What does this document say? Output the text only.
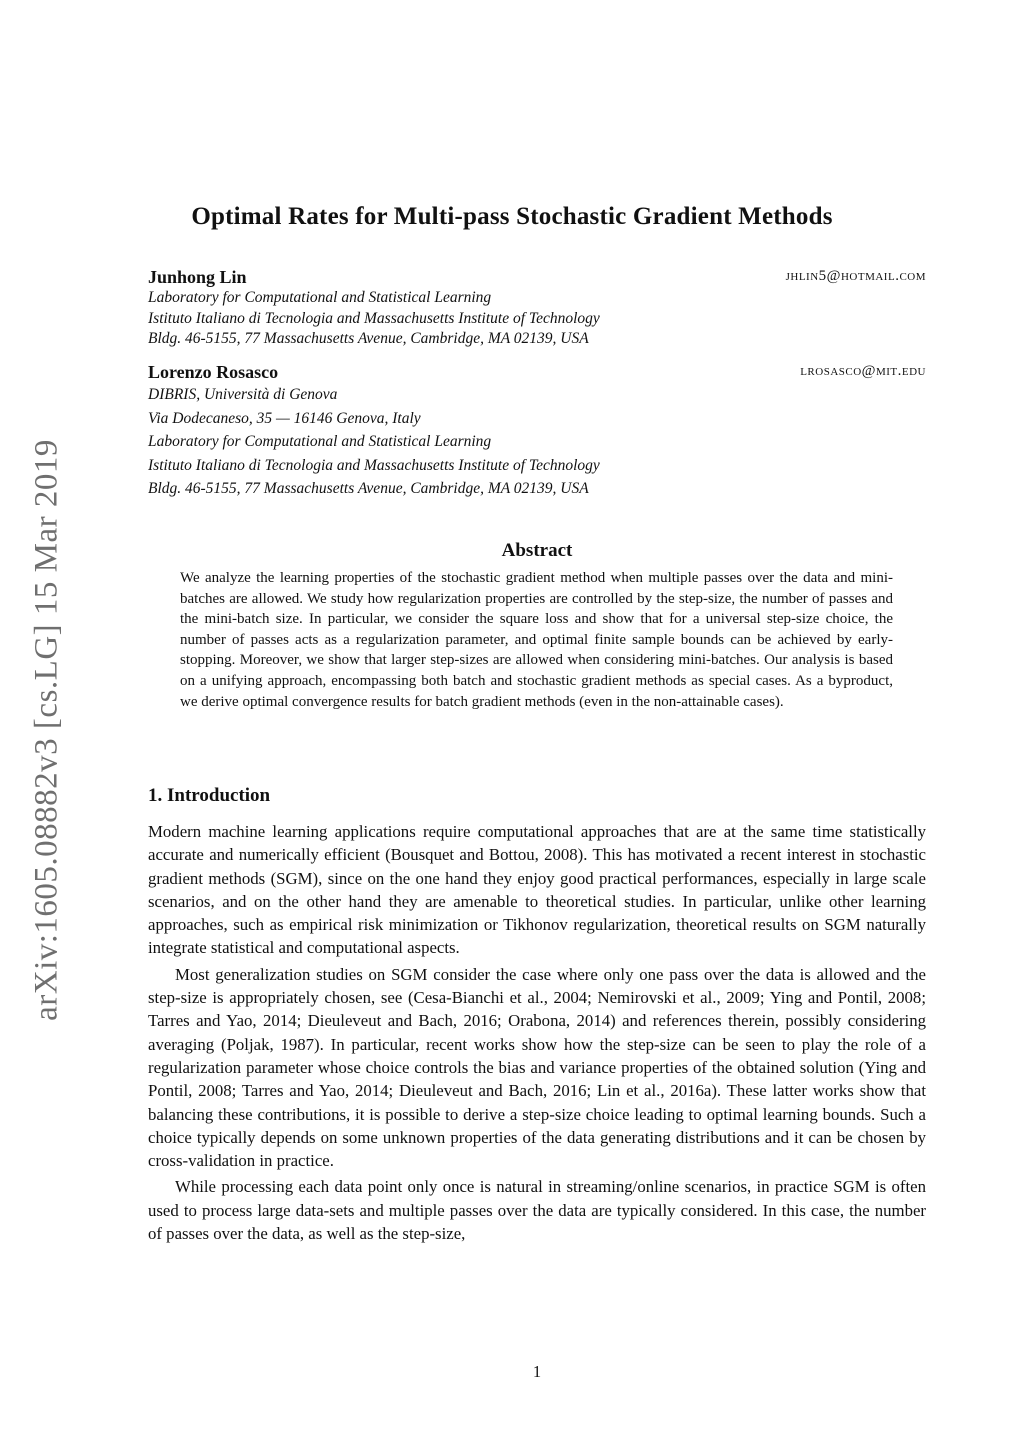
arXiv:1605.08882v3 [cs.LG] 15 Mar 2019
Optimal Rates for Multi-pass Stochastic Gradient Methods
Junhong Lin	jhlin5@hotmail.com
Laboratory for Computational and Statistical Learning
Istituto Italiano di Tecnologia and Massachusetts Institute of Technology
Bldg. 46-5155, 77 Massachusetts Avenue, Cambridge, MA 02139, USA
Lorenzo Rosasco	lrosasco@mit.edu
DIBRIS, Università di Genova
Via Dodecaneso, 35 — 16146 Genova, Italy
Laboratory for Computational and Statistical Learning
Istituto Italiano di Tecnologia and Massachusetts Institute of Technology
Bldg. 46-5155, 77 Massachusetts Avenue, Cambridge, MA 02139, USA
Abstract
We analyze the learning properties of the stochastic gradient method when multiple passes over the data and mini-batches are allowed. We study how regularization properties are controlled by the step-size, the number of passes and the mini-batch size. In particular, we consider the square loss and show that for a universal step-size choice, the number of passes acts as a regularization parameter, and optimal finite sample bounds can be achieved by early-stopping. Moreover, we show that larger step-sizes are allowed when considering mini-batches. Our analysis is based on a unifying approach, encompassing both batch and stochastic gradient methods as special cases. As a byproduct, we derive optimal convergence results for batch gradient methods (even in the non-attainable cases).
1. Introduction

Modern machine learning applications require computational approaches that are at the same time statistically accurate and numerically efficient (Bousquet and Bottou, 2008). This has motivated a recent interest in stochastic gradient methods (SGM), since on the one hand they enjoy good practical performances, especially in large scale scenarios, and on the other hand they are amenable to theoretical studies. In particular, unlike other learning approaches, such as empirical risk minimization or Tikhonov regularization, theoretical results on SGM naturally integrate statistical and computational aspects.

Most generalization studies on SGM consider the case where only one pass over the data is allowed and the step-size is appropriately chosen, see (Cesa-Bianchi et al., 2004; Nemirovski et al., 2009; Ying and Pontil, 2008; Tarres and Yao, 2014; Dieuleveut and Bach, 2016; Orabona, 2014) and references therein, possibly considering averaging (Poljak, 1987). In particular, recent works show how the step-size can be seen to play the role of a regularization parameter whose choice controls the bias and variance properties of the obtained solution (Ying and Pontil, 2008; Tarres and Yao, 2014; Dieuleveut and Bach, 2016; Lin et al., 2016a). These latter works show that balancing these contributions, it is possible to derive a step-size choice leading to optimal learning bounds. Such a choice typically depends on some unknown properties of the data generating distributions and it can be chosen by cross-validation in practice.

While processing each data point only once is natural in streaming/online scenarios, in practice SGM is often used to process large data-sets and multiple passes over the data are typically considered. In this case, the number of passes over the data, as well as the step-size,

1
